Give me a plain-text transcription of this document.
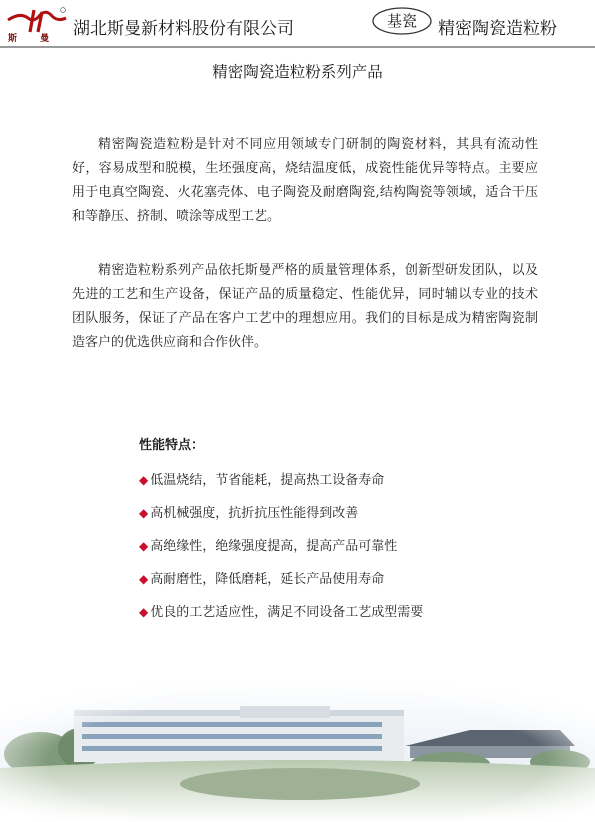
斯 曼
湖北斯曼新材料股份有限公司	基瓷	精密陶瓷造粒粉
精密陶瓷造粒粉系列产品

精密陶瓷造粒粉是针对不同应用领域专门研制的陶瓷材料，其具有流动性好，容易成型和脱模，生坯强度高，烧结温度低，成瓷性能优异等特点。主要应用于电真空陶瓷、火花塞壳体、电子陶瓷及耐磨陶瓷,结构陶瓷等领域，适合干压和等静压、挤制、喷涂等成型工艺。

精密造粒粉系列产品依托斯曼严格的质量管理体系，创新型研发团队，以及先进的工艺和生产设备，保证产品的质量稳定、性能优异，同时辅以专业的技术团队服务，保证了产品在客户工艺中的理想应用。我们的目标是成为精密陶瓷制造客户的优选供应商和合作伙伴。

性能特点：
◆ 低温烧结，节省能耗，提高热工设备寿命
◆ 高机械强度，抗折抗压性能得到改善
◆ 高绝缘性，绝缘强度提高，提高产品可靠性
◆ 高耐磨性，降低磨耗，延长产品使用寿命
◆ 优良的工艺适应性，满足不同设备工艺成型需要
